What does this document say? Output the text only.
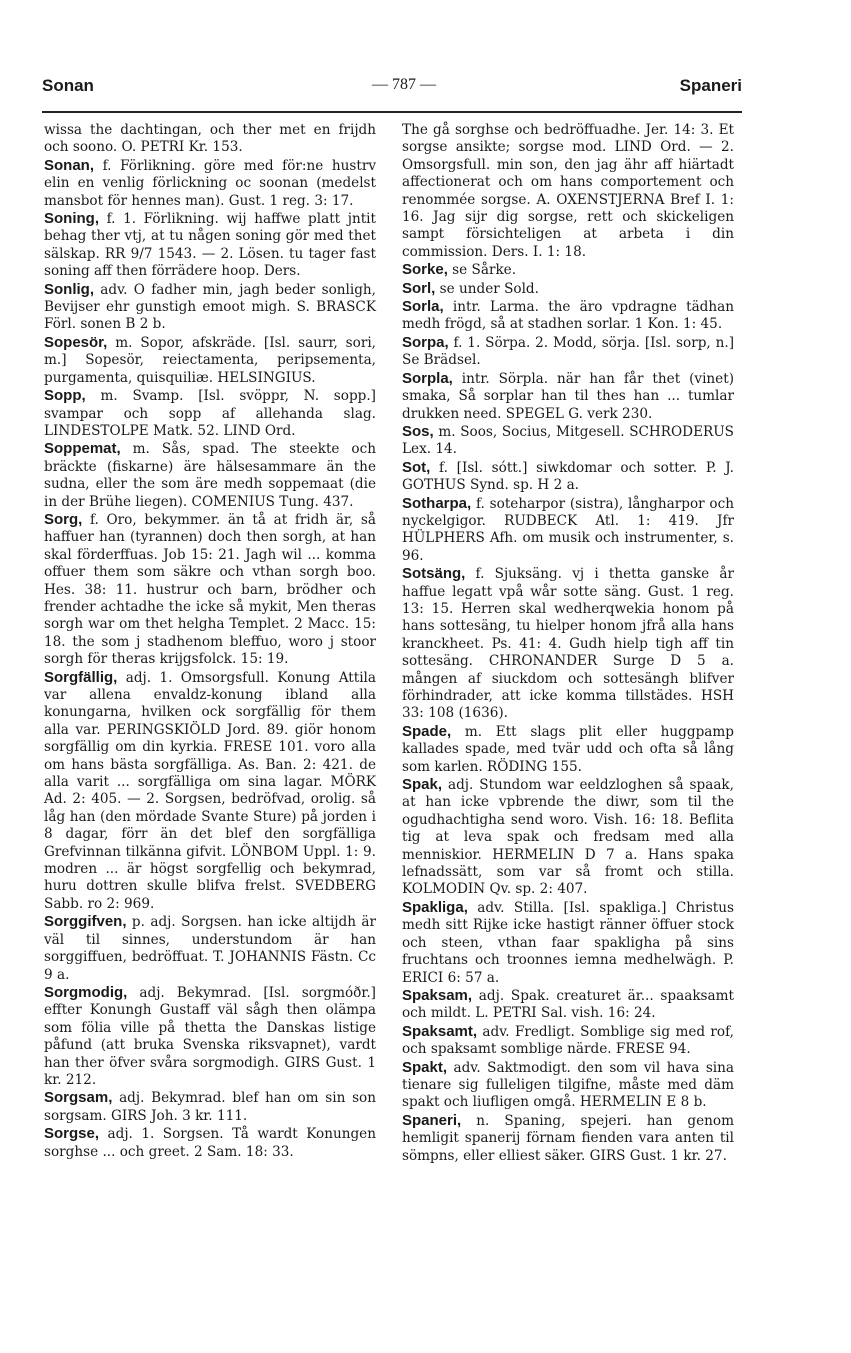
Sonan	— 787 —	Spaneri

wissa the dachtingan, och ther met en frijdh och soono. O. PETRI Kr. 153.

Sonan, f. Förlikning. göre med för:ne hustrv elin en venlig förlickning oc soonan (medelst mansbot för hennes man). Gust. 1 reg. 3: 17.

Soning, f. 1. Förlikning. wij haffwe platt jntit behag ther vtj, at tu någen soning gör med thet sälskap. RR 9/7 1543. — 2. Lösen. tu tager fast soning aff then förrädere hoop. Ders.

Sonlig, adv. O fadher min, jagh beder sonligh, Bevijser ehr gunstigh emoot migh. S. BRASCK Förl. sonen B 2 b.

Sopesör, m. Sopor, afskräde. [Isl. saurr, sori, m.] Sopesör, reiectamenta, peripsementa, purgamenta, quisquiliæ. HELSINGIUS.

Sopp, m. Svamp. [Isl. svöppr, N. sopp.] svampar och sopp af allehanda slag. LINDESTOLPE Matk. 52. LIND Ord.

Soppemat, m. Sås, spad. The steekte och bräckte (fiskarne) äre hälsesammare än the sudna, eller the som äre medh soppemaat (die in der Brühe liegen). COMENIUS Tung. 437.

Sorg, f. Oro, bekymmer. än tå at fridh är, så haffuer han (tyrannen) doch then sorgh, at han skal förderffuas. Job 15: 21. Jagh wil ... komma offuer them som säkre och vthan sorgh boo. Hes. 38: 11. hustrur och barn, brödher och frender achtadhe the icke så mykit, Men theras sorgh war om thet helgha Templet. 2 Macc. 15: 18. the som j stadhenom bleffuo, woro j stoor sorgh för theras krijgsfolck. 15: 19.

Sorgfällig, adj. 1. Omsorgsfull. Konung Attila var allena envaldz-konung ibland alla konungarna, hvilken ock sorgfällig för them alla var. PERINGSKIÖLD Jord. 89. giör honom sorgfällig om din kyrkia. FRESE 101. voro alla om hans bästa sorgfälliga. As. Ban. 2: 421. de alla varit ... sorgfälliga om sina lagar. MÖRK Ad. 2: 405. — 2. Sorgsen, bedröfvad, orolig. så låg han (den mördade Svante Sture) på jorden i 8 dagar, förr än det blef den sorgfälliga Grefvinnan tilkänna gifvit. LÖNBOM Uppl. 1: 9. modren ... är högst sorgfellig och bekymrad, huru dottren skulle blifva frelst. SVEDBERG Sabb. ro 2: 969.

Sorggifven, p. adj. Sorgsen. han icke altijdh är väl til sinnes, understundom är han sorggiffuen, bedröffuat. T. JOHANNIS Fästn. Cc 9 a.

Sorgmodig, adj. Bekymrad. [Isl. sorgmóðr.] effter Konungh Gustaff väl sågh then olämpa som fölia ville på thetta the Danskas listige påfund (att bruka Svenska riksvapnet), vardt han ther öfver svåra sorgmodigh. GIRS Gust. 1 kr. 212.

Sorgsam, adj. Bekymrad. blef han om sin son sorgsam. GIRS Joh. 3 kr. 111.

Sorgse, adj. 1. Sorgsen. Tå wardt Konungen sorghse ... och greet. 2 Sam. 18: 33.

The gå sorghse och bedröffuadhe. Jer. 14: 3. Et sorgse ansikte; sorgse mod. LIND Ord. — 2. Omsorgsfull. min son, den jag ähr aff hiärtadt affectionerat och om hans comportement och renommée sorgse. A. OXENSTJERNA Bref I. 1: 16. Jag sijr dig sorgse, rett och skickeligen sampt försichteligen at arbeta i din commission. Ders. I. 1: 18.

Sorke, se Sårke.

Sorl, se under Sold.

Sorla, intr. Larma. the äro vpdragne tädhan medh frögd, så at stadhen sorlar. 1 Kon. 1: 45.

Sorpa, f. 1. Sörpa. 2. Modd, sörja. [Isl. sorp, n.] Se Brädsel.

Sorpla, intr. Sörpla. när han får thet (vinet) smaka, Så sorplar han til thes han ... tumlar drukken need. SPEGEL G. verk 230.

Sos, m. Soos, Socius, Mitgesell. SCHRODERUS Lex. 14.

Sot, f. [Isl. sótt.] siwkdomar och sotter. P. J. GOTHUS Synd. sp. H 2 a.

Sotharpa, f. soteharpor (sistra), långharpor och nyckelgigor. RUDBECK Atl. 1: 419. Jfr HÜLPHERS Afh. om musik och instrumenter, s. 96.

Sotsäng, f. Sjuksäng. vj i thetta ganske år haffue legatt vpå wår sotte säng. Gust. 1 reg. 13: 15. Herren skal wedherqwekia honom på hans sottesäng, tu hielper honom jfrå alla hans kranckheet. Ps. 41: 4. Gudh hielp tigh aff tin sottesäng. CHRONANDER Surge D 5 a. mången af siuckdom och sottesängh blifver förhindrader, att icke komma tillstädes. HSH 33: 108 (1636).

Spade, m. Ett slags plit eller huggpamp kallades spade, med tvär udd och ofta så lång som karlen. RÖDING 155.

Spak, adj. Stundom war eeldzloghen så spaak, at han icke vpbrende the diwr, som til the ogudhachtigha send woro. Vish. 16: 18. Beflita tig at leva spak och fredsam med alla menniskior. HERMELIN D 7 a. Hans spaka lefnadssätt, som var så fromt och stilla. KOLMODIN Qv. sp. 2: 407.

Spakliga, adv. Stilla. [Isl. spakliga.] Christus medh sitt Rijke icke hastigt ränner öffuer stock och steen, vthan faar spakligha på sins fruchtans och troonnes iemna medhelwägh. P. ERICI 6: 57 a.

Spaksam, adj. Spak. creaturet är... spaaksamt och mildt. L. PETRI Sal. vish. 16: 24.

Spaksamt, adv. Fredligt. Somblige sig med rof, och spaksamt somblige närde. FRESE 94.

Spakt, adv. Saktmodigt. den som vil hava sina tienare sig fulleligen tilgifne, måste med däm spakt och liufligen omgå. HERMELIN E 8 b.

Spaneri, n. Spaning, spejeri. han genom hemligit spanerij förnam fienden vara anten til sömpns, eller elliest säker. GIRS Gust. 1 kr. 27.
